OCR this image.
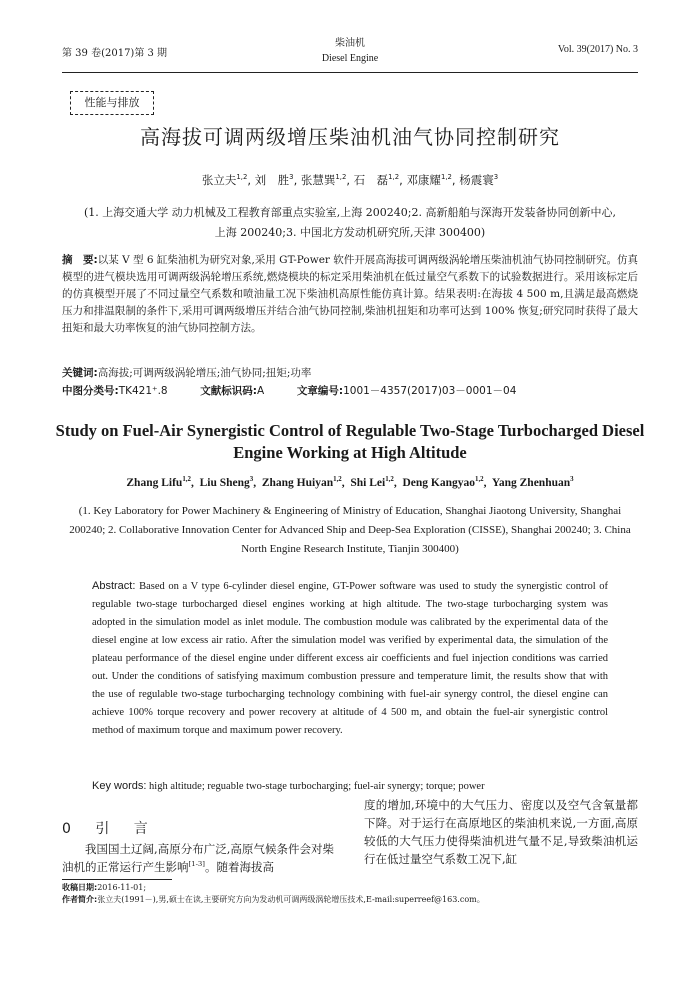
第 39 卷(2017)第 3 期
柴油机
Diesel Engine
Vol. 39(2017) No. 3
性能与排放
高海拔可调两级增压柴油机油气协同控制研究
张立夫$^{1,2}$, 刘　胜$^3$, 张慧巽$^{1,2}$, 石　磊$^{1,2}$, 邓康耀$^{1,2}$, 杨震寰$^3$
(1. 上海交通大学 动力机械及工程教育部重点实验室,上海 200240;2. 高新船舶与深海开发装备协同创新中心,上海 200240;3. 中国北方发动机研究所,天津 300400)
摘　要:以某 V 型 6 缸柴油机为研究对象,采用 GT-Power 软件开展高海拔可调两级涡轮增压柴油机油气协同控制研究。仿真模型的进气模块选用可调两级涡轮增压系统,燃烧模块的标定采用柴油机在低过量空气系数下的试验数据进行。采用该标定后的仿真模型开展了不同过量空气系数和喷油量工况下柴油机高原性能仿真计算。结果表明:在海拔 4 500 m,且满足最高燃烧压力和排温限制的条件下,采用可调两级增压并结合油气协同控制,柴油机扭矩和功率可达到 100% 恢复;研究同时获得了最大扭矩和最大功率恢复的油气协同控制方法。
关键词:高海拔;可调两级涡轮增压;油气协同;扭矩;功率
中图分类号:TK421⁺.8	文献标识码:A	文章编号:1001－4357(2017)03－0001－04
Study on Fuel-Air Synergistic Control of Regulable Two-Stage Turbocharged Diesel Engine Working at High Altitude
Zhang Lifu$^{1,2}$,  Liu Sheng$^3$,  Zhang Huiyan$^{1,2}$,  Shi Lei$^{1,2}$,  Deng Kangyao$^{1,2}$,  Yang Zhenhuan$^3$
(1. Key Laboratory for Power Machinery & Engineering of Ministry of Education, Shanghai Jiaotong University, Shanghai 200240; 2. Collaborative Innovation Center for Advanced Ship and Deep-Sea Exploration (CISSE), Shanghai 200240; 3. China North Engine Research Institute, Tianjin 300400)
Abstract: Based on a V type 6-cylinder diesel engine, GT-Power software was used to study the synergistic control of regulable two-stage turbocharged diesel engines working at high altitude. The two-stage turbocharging system was adopted in the simulation model as inlet module. The combustion module was calibrated by the experimental data of the diesel engine at low excess air ratio. After the simulation model was verified by experimental data, the simulation of the plateau performance of the diesel engine under different excess air coefficients and fuel injection conditions was carried out. Under the conditions of satisfying maximum combustion pressure and temperature limit, the results show that with the use of regulable two-stage turbocharging technology combining with fuel-air synergy control, the diesel engine can achieve 100% torque recovery and power recovery at altitude of 4 500 m, and obtain the fuel-air synergistic control method of maximum torque and maximum power recovery.
Key words: high altitude; reguable two-stage turbocharging; fuel-air synergy; torque; power
0 引 言
我国国土辽阔,高原分布广泛,高原气候条件会对柴油机的正常运行产生影响[1-3]。随着海拔高
度的增加,环境中的大气压力、密度以及空气含氧量都下降。对于运行在高原地区的柴油机来说,一方面,高原较低的大气压力使得柴油机进气量不足,导致柴油机运行在低过量空气系数工况下,缸
收稿日期:2016-11-01;
作者简介:张立夫(1991－),男,硕士在读,主要研究方向为发动机可调两级涡轮增压技术,E-mail:superreef@163.com。
